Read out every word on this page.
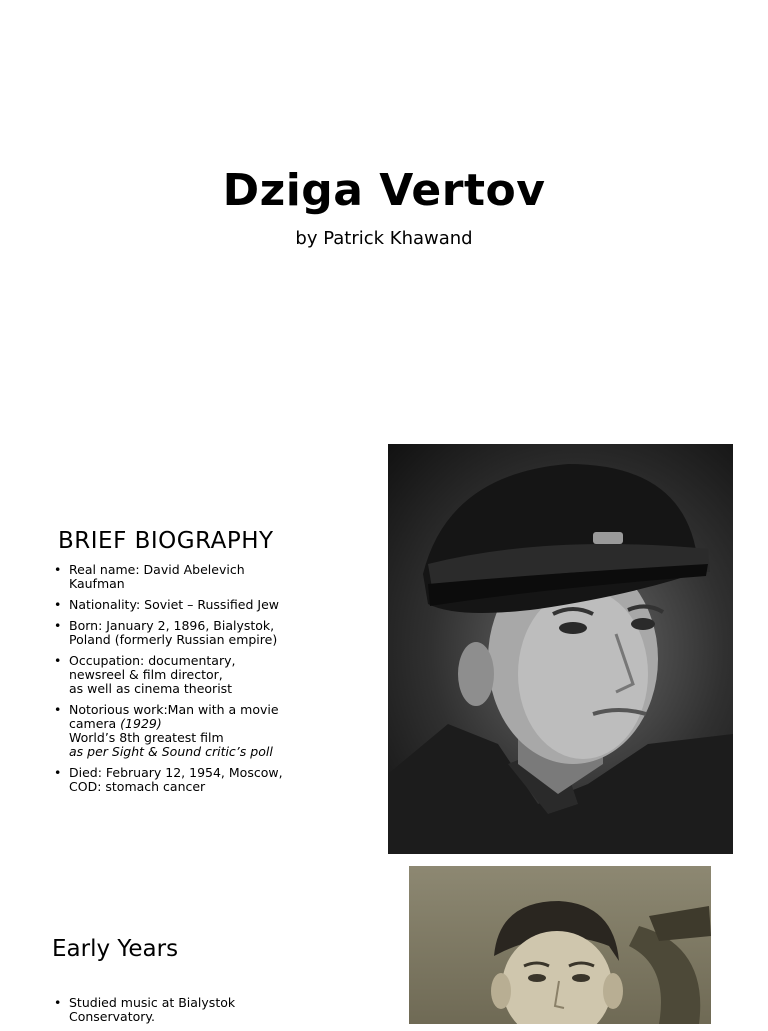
Dziga Vertov

by Patrick Khawand

BRIEF BIOGRAPHY
• Real name: David Abelevich
Kaufman
• Nationality: Soviet – Russified Jew
• Born: January 2, 1896, Bialystok,
Poland (formerly Russian empire)
• Occupation: documentary,
newsreel & film director,
as well as cinema theorist
• Notorious work:Man with a movie
camera (1929)
World’s 8th greatest film
as per Sight & Sound critic’s poll
• Died: February 12, 1954, Moscow,
COD: stomach cancer
Early Years
• Studied music at Bialystok
Conservatory.
